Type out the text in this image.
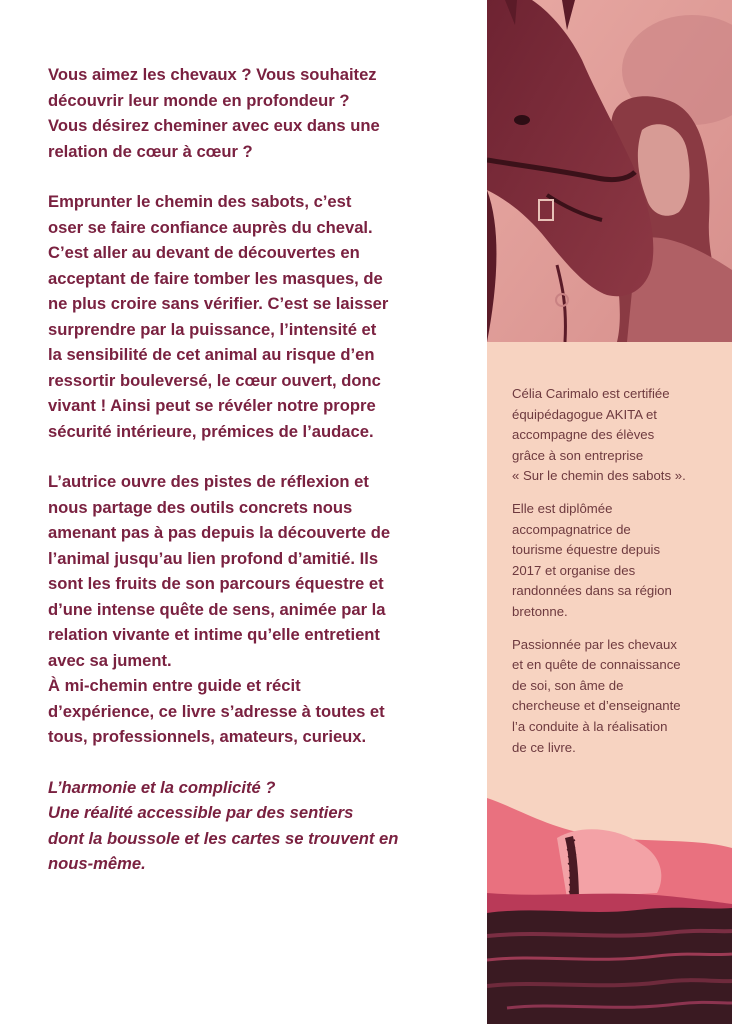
Vous aimez les chevaux ? Vous souhaitez
découvrir leur monde en profondeur ?
Vous désirez cheminer avec eux dans une
relation de cœur à cœur ?

Emprunter le chemin des sabots, c’est
oser se faire confiance auprès du cheval.
C’est aller au devant de découvertes en
acceptant de faire tomber les masques, de
ne plus croire sans vérifier. C’est se laisser
surprendre par la puissance, l’intensité et
la sensibilité de cet animal au risque d’en
ressortir bouleversé, le cœur ouvert, donc
vivant ! Ainsi peut se révéler notre propre
sécurité intérieure, prémices de l’audace.

L’autrice ouvre des pistes de réflexion et
nous partage des outils concrets nous
amenant pas à pas depuis la découverte de
l’animal jusqu’au lien profond d’amitié. Ils
sont les fruits de son parcours équestre et
d’une intense quête de sens, animée par la
relation vivante et intime qu’elle entretient
avec sa jument.
À mi-chemin entre guide et récit
d’expérience, ce livre s’adresse à toutes et
tous, professionnels, amateurs, curieux.

L’harmonie et la complicité ?
Une réalité accessible par des sentiers
dont la boussole et les cartes se trouvent en
nous-même.

Célia Carimalo est certifiée
équipédagogue AKITA et
accompagne des élèves
grâce à son entreprise
« Sur le chemin des sabots ».

Elle est diplômée
accompagnatrice de
tourisme équestre depuis
2017 et organise des
randonnées dans sa région
bretonne.

Passionnée par les chevaux
et en quête de connaissance
de soi, son âme de
chercheuse et d’enseignante
l’a conduite à la réalisation
de ce livre.
